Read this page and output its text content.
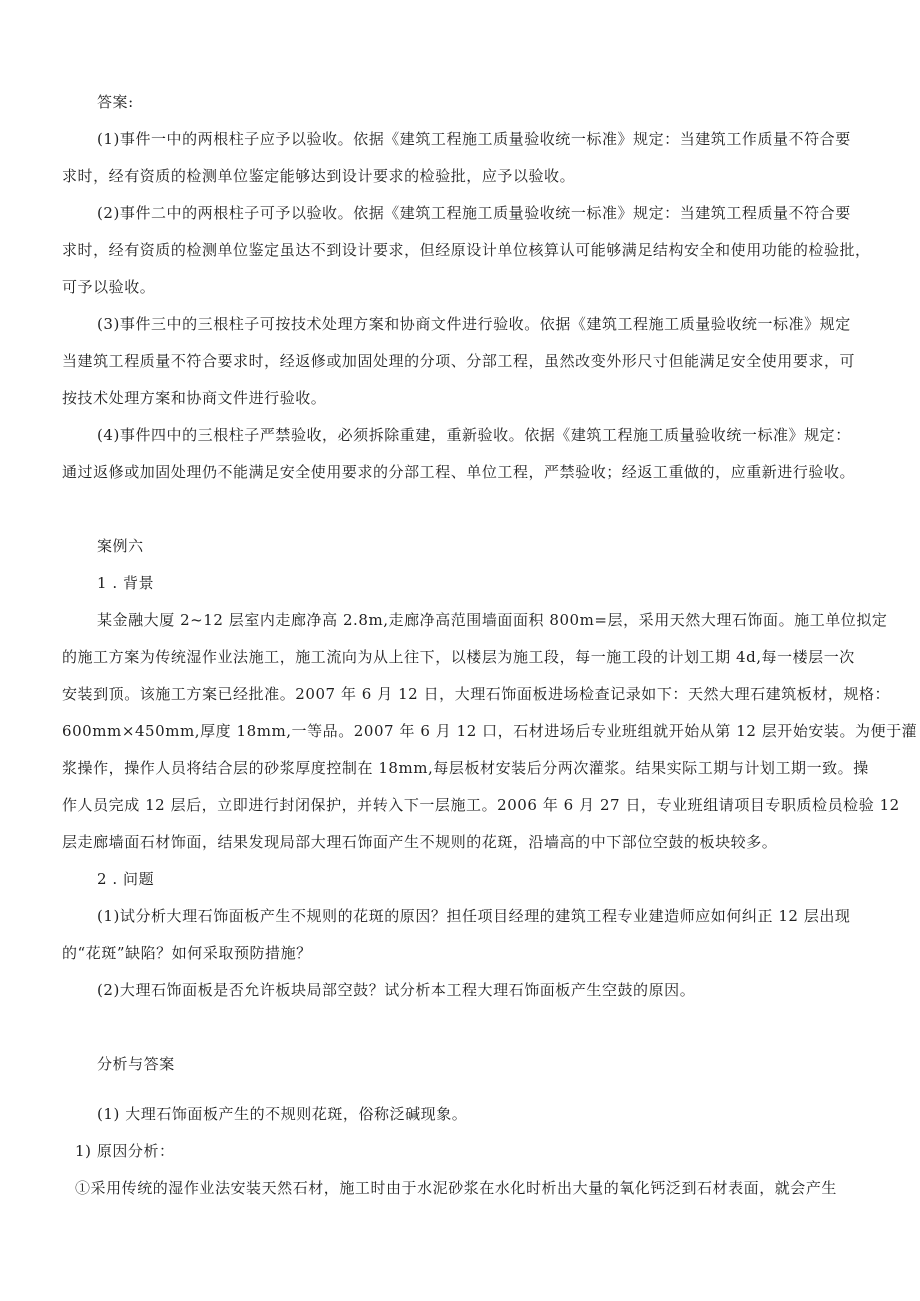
答案:
(1)事件一中的两根柱子应予以验收。依据《建筑工程施工质量验收统一标准》规定：当建筑工作质量不符合要
求时，经有资质的检测单位鉴定能够达到设计要求的检验批，应予以验收。
(2)事件二中的两根柱子可予以验收。依据《建筑工程施工质量验收统一标准》规定：当建筑工程质量不符合要
求时，经有资质的检测单位鉴定虽达不到设计要求，但经原设计单位核算认可能够满足结构安全和使用功能的检验批，
可予以验收。
(3)事件三中的三根柱子可按技术处理方案和协商文件进行验收。依据《建筑工程施工质量验收统一标准》规定
当建筑工程质量不符合要求时，经返修或加固处理的分项、分部工程，虽然改变外形尺寸但能满足安全使用要求，可
按技术处理方案和协商文件进行验收。
(4)事件四中的三根柱子严禁验收，必须拆除重建，重新验收。依据《建筑工程施工质量验收统一标准》规定：
通过返修或加固处理仍不能满足安全使用要求的分部工程、单位工程，严禁验收；经返工重做的，应重新进行验收。
案例六
1 . 背景
某金融大厦 2~12 层室内走廊净高 2.8m,走廊净高范围墙面面积 800m=层，采用天然大理石饰面。施工单位拟定
的施工方案为传统湿作业法施工，施工流向为从上往下，以楼层为施工段，每一施工段的计划工期 4d,每一楼层一次
安装到顶。该施工方案已经批准。2007 年 6 月 12 日，大理石饰面板进场检查记录如下：天然大理石建筑板材，规格：
600mm×450mm,厚度 18mm,一等品。2007 年 6 月 12 口，石材进场后专业班组就开始从第 12 层开始安装。为便于灌
浆操作，操作人员将结合层的砂浆厚度控制在 18mm,每层板材安装后分两次灌浆。结果实际工期与计划工期一致。操
作人员完成 12 层后，立即进行封闭保护，并转入下一层施工。2006 年 6 月 27 日，专业班组请项目专职质检员检验 12
层走廊墙面石材饰面，结果发现局部大理石饰面产生不规则的花斑，沿墙高的中下部位空鼓的板块较多。
2 . 问题
(1)试分析大理石饰面板产生不规则的花斑的原因？担任项目经理的建筑工程专业建造师应如何纠正 12 层出现
的“花斑”缺陷？如何采取预防措施？
(2)大理石饰面板是否允许板块局部空鼓？试分析本工程大理石饰面板产生空鼓的原因。
分析与答案
(1) 大理石饰面板产生的不规则花斑，俗称泛碱现象。
1) 原因分析：
①采用传统的湿作业法安装天然石材，施工时由于水泥砂浆在水化时析出大量的氧化钙泛到石材表面，就会产生
